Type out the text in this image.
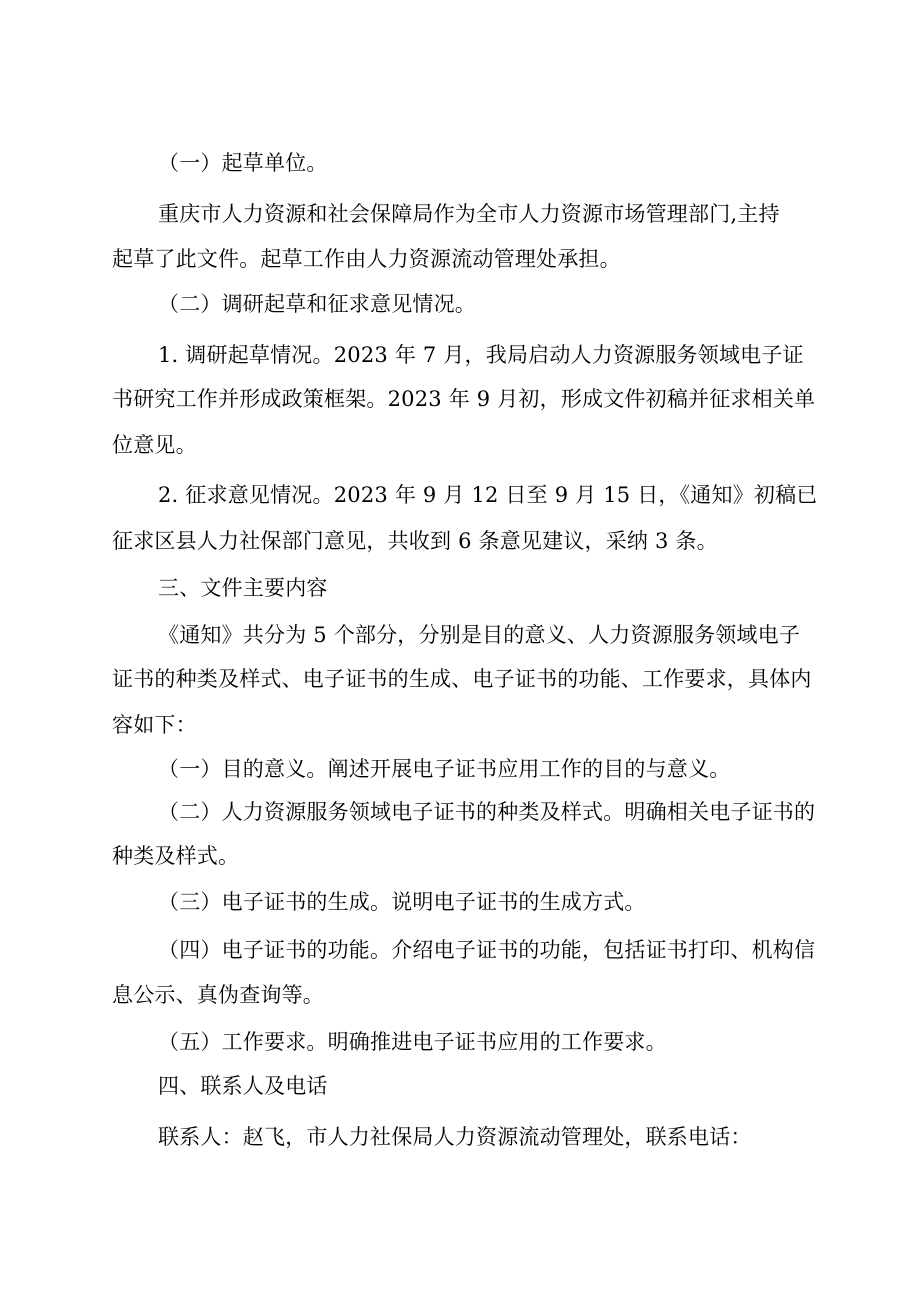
（一）起草单位。
重庆市人力资源和社会保障局作为全市人力资源市场管理部门,主持
起草了此文件。起草工作由人力资源流动管理处承担。
（二）调研起草和征求意见情况。
1. 调研起草情况。2023 年 7 月，我局启动人力资源服务领域电子证
书研究工作并形成政策框架。2023 年 9 月初，形成文件初稿并征求相关单
位意见。
2. 征求意见情况。2023 年 9 月 12 日至 9 月 15 日，《通知》初稿已
征求区县人力社保部门意见，共收到 6 条意见建议，采纳 3 条。
三、文件主要内容
《通知》共分为 5 个部分，分别是目的意义、人力资源服务领域电子
证书的种类及样式、电子证书的生成、电子证书的功能、工作要求，具体内
容如下：
（一）目的意义。阐述开展电子证书应用工作的目的与意义。
（二）人力资源服务领域电子证书的种类及样式。明确相关电子证书的
种类及样式。
（三）电子证书的生成。说明电子证书的生成方式。
（四）电子证书的功能。介绍电子证书的功能，包括证书打印、机构信
息公示、真伪查询等。
（五）工作要求。明确推进电子证书应用的工作要求。
四、联系人及电话
联系人：赵飞，市人力社保局人力资源流动管理处，联系电话：
